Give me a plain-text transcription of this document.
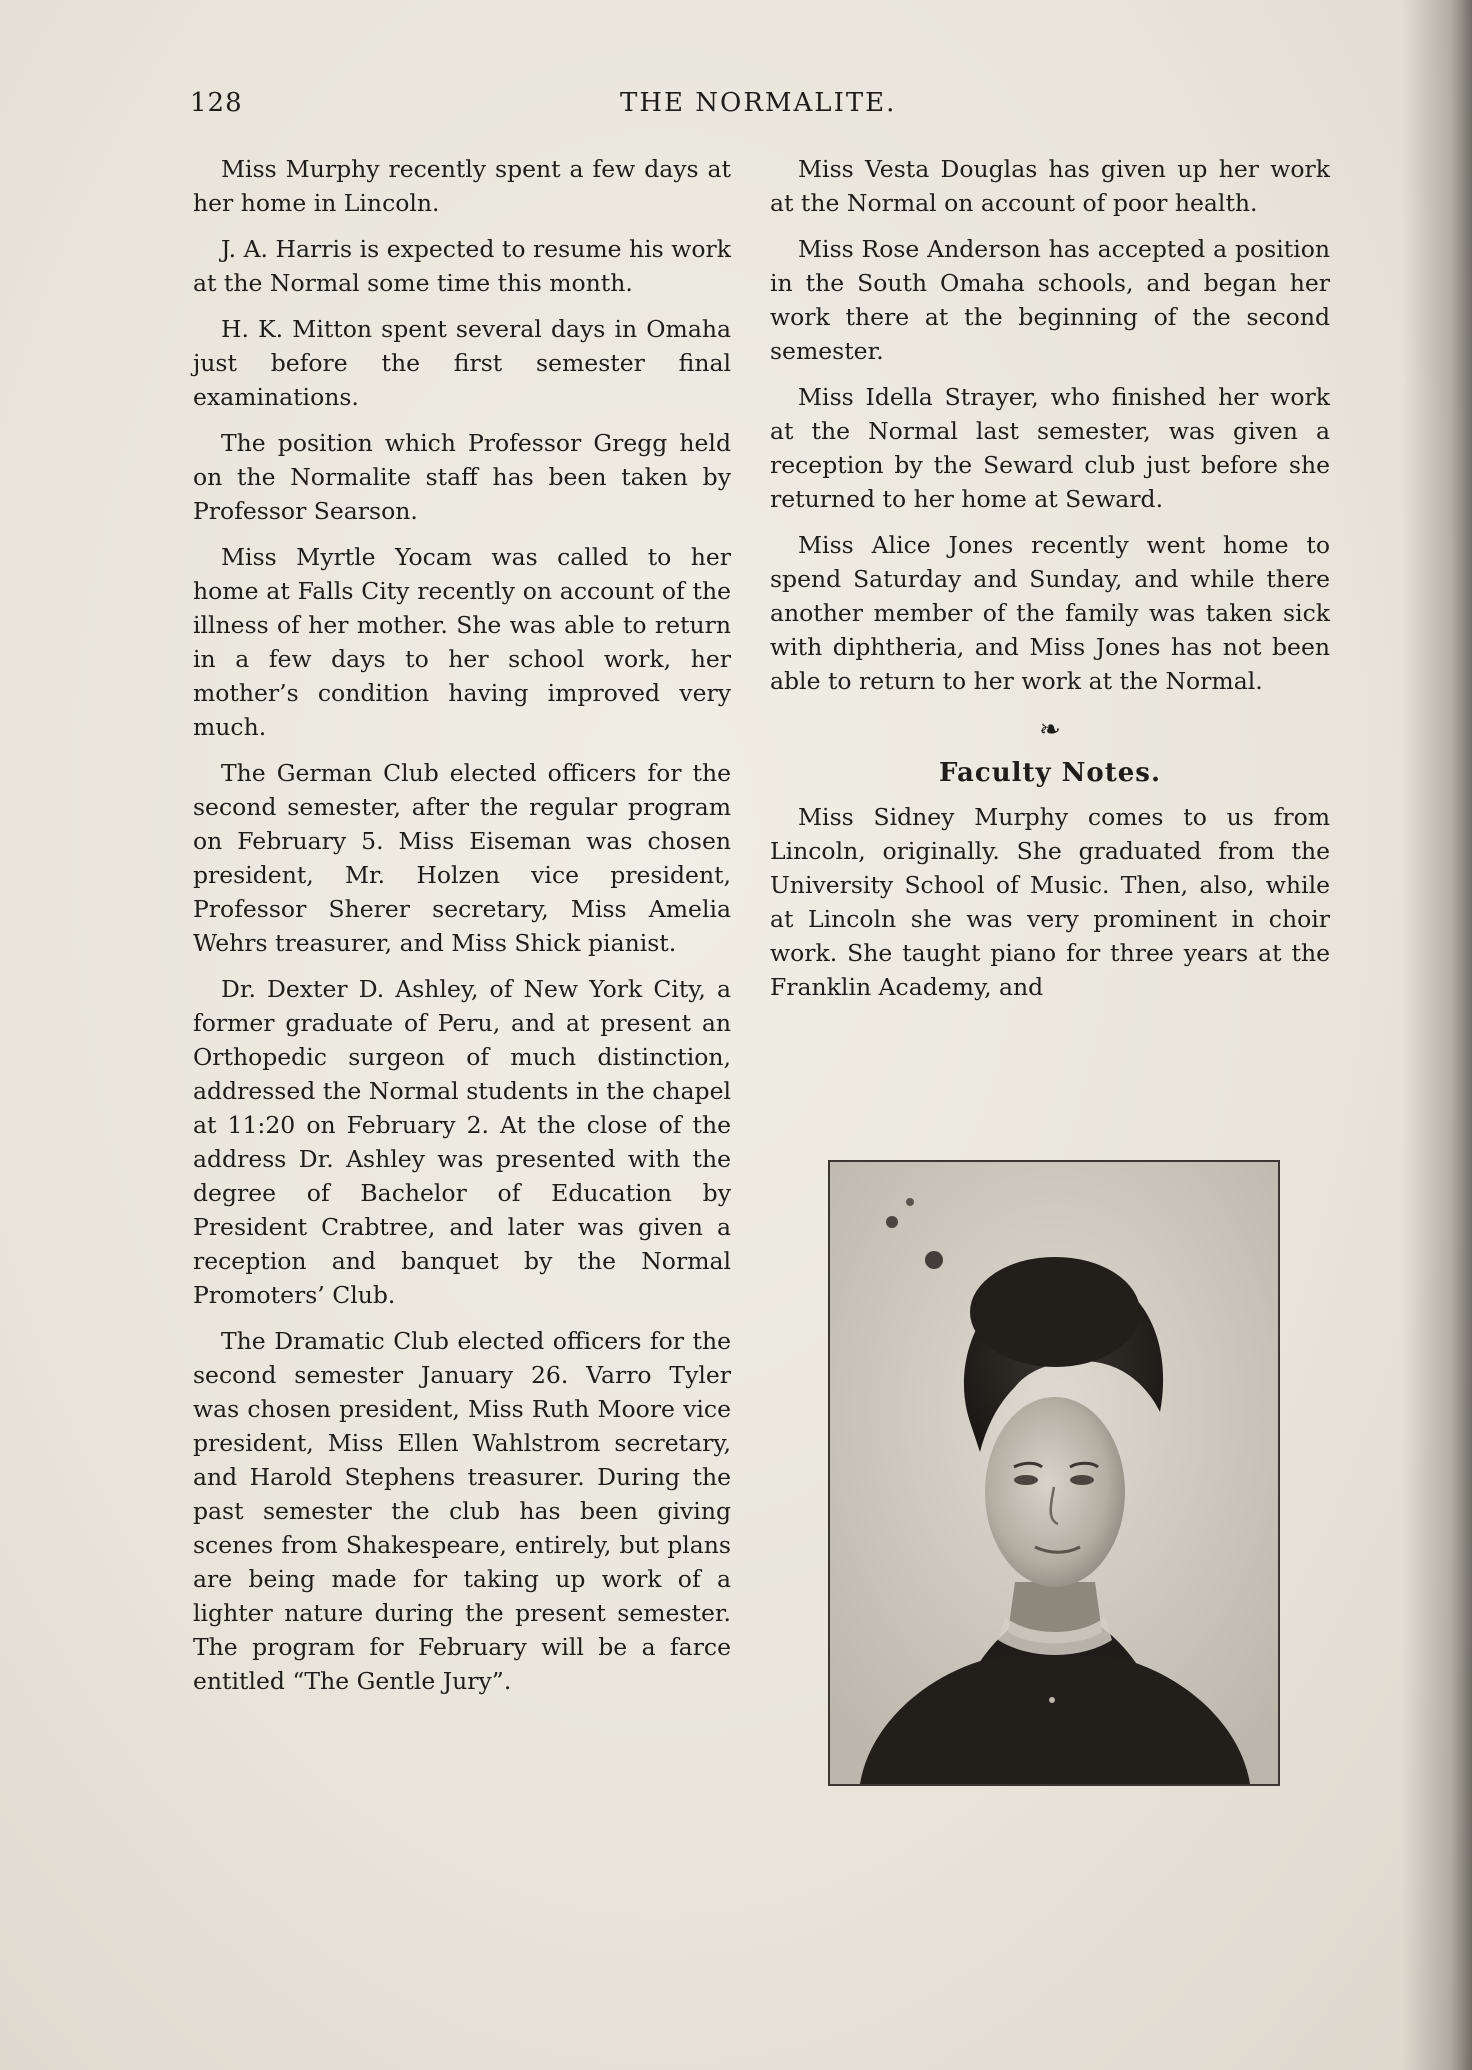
128	THE NORMALITE.

Miss Murphy recently spent a few days at her home in Lincoln.

J. A. Harris is expected to resume his work at the Normal some time this month.

H. K. Mitton spent several days in Omaha just before the first semester final examinations.

The position which Professor Gregg held on the Normalite staff has been taken by Professor Searson.

Miss Myrtle Yocam was called to her home at Falls City recently on account of the illness of her mother. She was able to return in a few days to her school work, her mother’s condition having improved very much.

The German Club elected officers for the second semester, after the regular program on February 5. Miss Eiseman was chosen president, Mr. Holzen vice president, Professor Sherer secretary, Miss Amelia Wehrs treasurer, and Miss Shick pianist.

Dr. Dexter D. Ashley, of New York City, a former graduate of Peru, and at present an Orthopedic surgeon of much distinction, addressed the Normal students in the chapel at 11:20 on February 2. At the close of the address Dr. Ashley was presented with the degree of Bachelor of Education by President Crabtree, and later was given a reception and banquet by the Normal Promoters’ Club.

The Dramatic Club elected officers for the second semester January 26. Varro Tyler was chosen president, Miss Ruth Moore vice president, Miss Ellen Wahlstrom secretary, and Harold Stephens treasurer. During the past semester the club has been giving scenes from Shakespeare, entirely, but plans are being made for taking up work of a lighter nature during the present semester. The program for February will be a farce entitled “The Gentle Jury”.

Miss Vesta Douglas has given up her work at the Normal on account of poor health.

Miss Rose Anderson has accepted a position in the South Omaha schools, and began her work there at the beginning of the second semester.

Miss Idella Strayer, who finished her work at the Normal last semester, was given a reception by the Seward club just before she returned to her home at Seward.

Miss Alice Jones recently went home to spend Saturday and Sunday, and while there another member of the family was taken sick with diphtheria, and Miss Jones has not been able to return to her work at the Normal.

❧
Faculty Notes.

Miss Sidney Murphy comes to us from Lincoln, originally. She graduated from the University School of Music. Then, also, while at Lincoln she was very prominent in choir work. She taught piano for three years at the Franklin Academy, and
